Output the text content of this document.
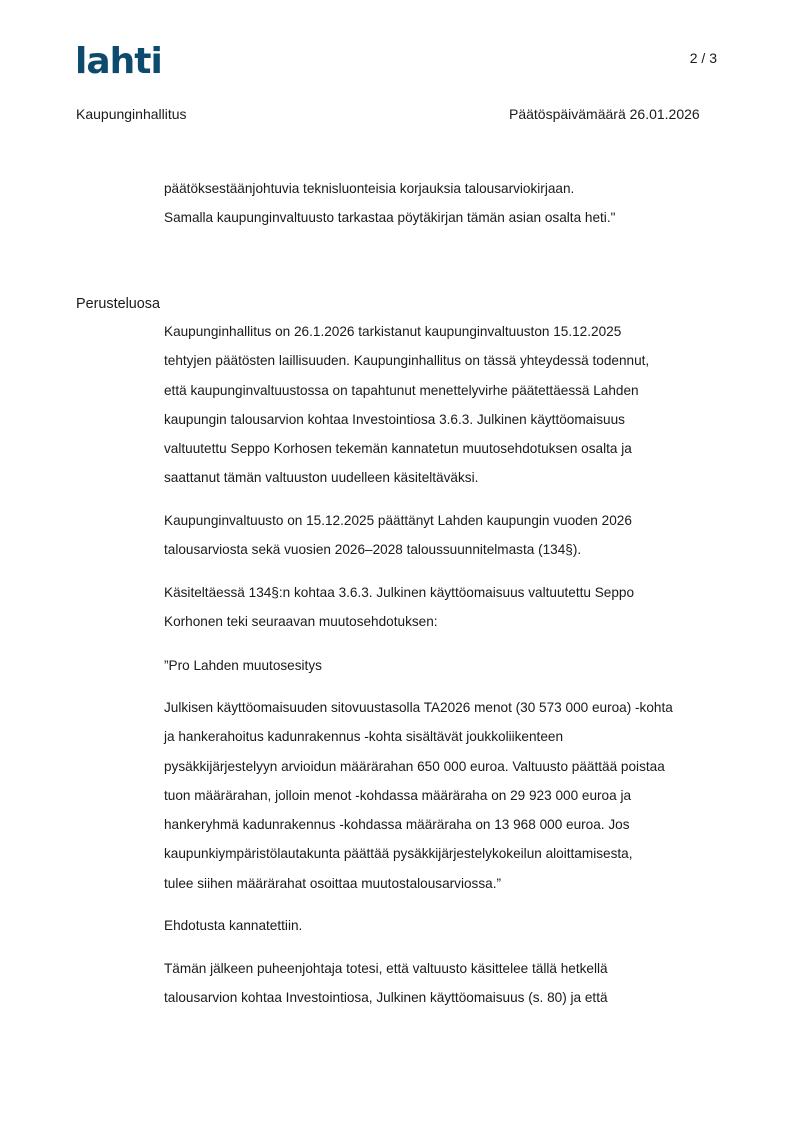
lahti	2 / 3
Kaupunginhallitus	Päätöspäivämäärä 26.01.2026

päätöksestäänjohtuvia teknisluonteisia korjauksia talousarviokirjaan.
Samalla kaupunginvaltuusto tarkastaa pöytäkirjan tämän asian osalta heti."

Perusteluosa

Kaupunginhallitus on 26.1.2026 tarkistanut kaupunginvaltuuston 15.12.2025
tehtyjen päätösten laillisuuden. Kaupunginhallitus on tässä yhteydessä todennut,
että kaupunginvaltuustossa on tapahtunut menettelyvirhe päätettäessä Lahden
kaupungin talousarvion kohtaa Investointiosa 3.6.3. Julkinen käyttöomaisuus
valtuutettu Seppo Korhosen tekemän kannatetun muutosehdotuksen osalta ja
saattanut tämän valtuuston uudelleen käsiteltäväksi.

Kaupunginvaltuusto on 15.12.2025 päättänyt Lahden kaupungin vuoden 2026
talousarviosta sekä vuosien 2026–2028 taloussuunnitelmasta (134§).

Käsiteltäessä 134§:n kohtaa 3.6.3. Julkinen käyttöomaisuus valtuutettu Seppo
Korhonen teki seuraavan muutosehdotuksen:

”Pro Lahden muutosesitys

Julkisen käyttöomaisuuden sitovuustasolla TA2026 menot (30 573 000 euroa) -kohta
ja hankerahoitus kadunrakennus -kohta sisältävät joukkoliikenteen
pysäkkijärjestelyyn arvioidun määrärahan 650 000 euroa. Valtuusto päättää poistaa
tuon määrärahan, jolloin menot -kohdassa määräraha on 29 923 000 euroa ja
hankeryhmä kadunrakennus -kohdassa määräraha on 13 968 000 euroa. Jos
kaupunkiympäristölautakunta päättää pysäkkijärjestelykokeilun aloittamisesta,
tulee siihen määrärahat osoittaa muutostalousarviossa.”

Ehdotusta kannatettiin.

Tämän jälkeen puheenjohtaja totesi, että valtuusto käsittelee tällä hetkellä
talousarvion kohtaa Investointiosa, Julkinen käyttöomaisuus (s. 80) ja että
